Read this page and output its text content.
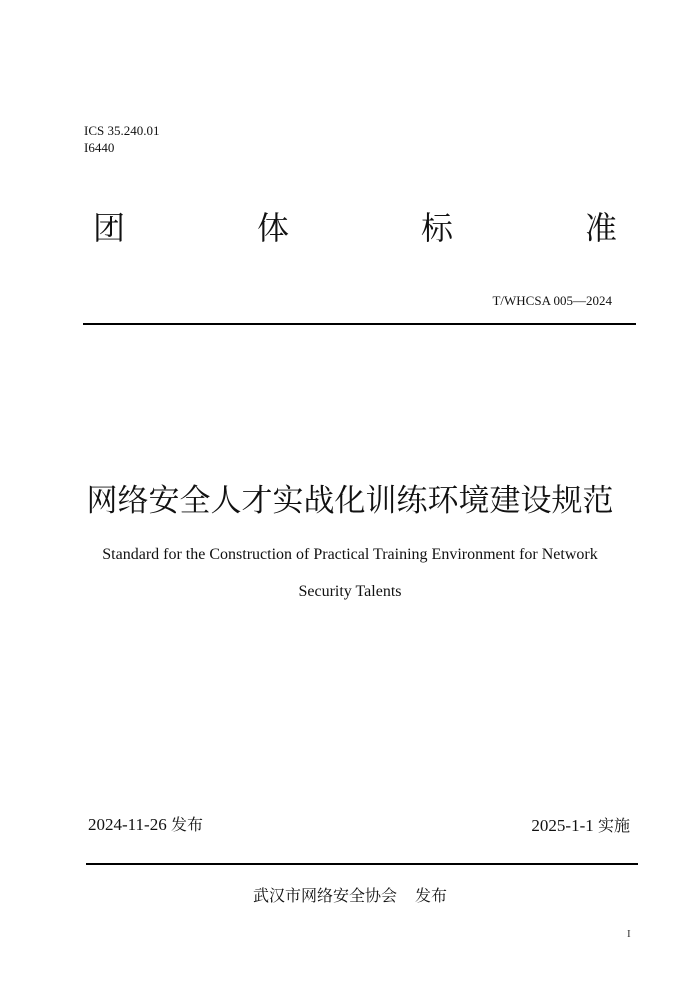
ICS 35.240.01
I6440
团	体	标	准
T/WHCSA 005—2024
网络安全人才实战化训练环境建设规范
Standard for the Construction of Practical Training Environment for Network
Security Talents
2024-11-26 发布	2025-1-1 实施
武汉市网络安全协会 发布
I
